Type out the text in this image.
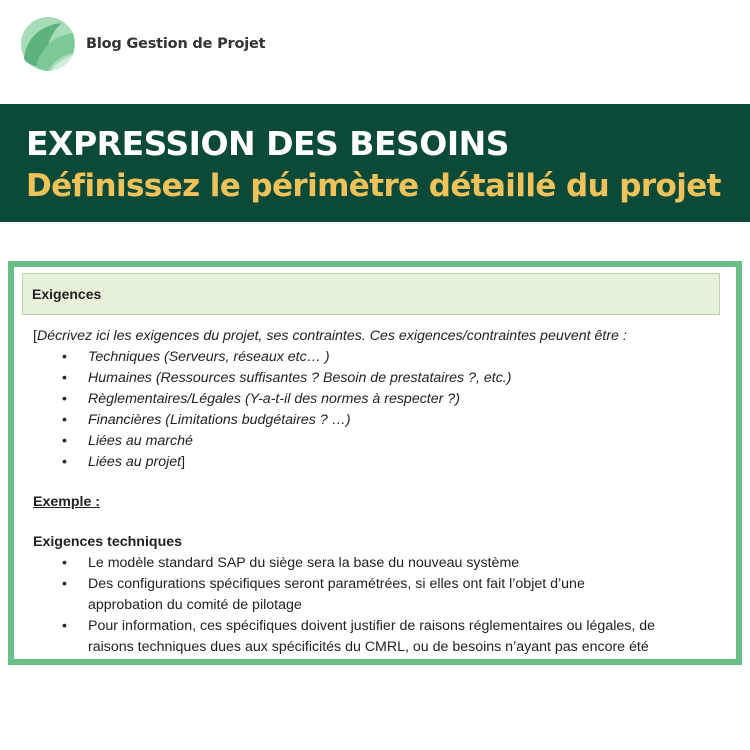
Blog Gestion de Projet
EXPRESSION DES BESOINS
Définissez le périmètre détaillé du projet
Exigences
[Décrivez ici les exigences du projet, ses contraintes. Ces exigences/contraintes peuvent être :
• Techniques (Serveurs, réseaux etc… )
• Humaines (Ressources suffisantes ? Besoin de prestataires ?, etc.)
• Règlementaires/Légales (Y-a-t-il des normes à respecter ?)
• Financières (Limitations budgétaires ? …)
• Liées au marché
• Liées au projet]
Exemple :
Exigences techniques
• Le modèle standard SAP du siège sera la base du nouveau système
• Des configurations spécifiques seront paramétrées, si elles ont fait l’objet d’une
approbation du comité de pilotage
• Pour information, ces spécifiques doivent justifier de raisons réglementaires ou légales, de
raisons techniques dues aux spécificités du CMRL, ou de besoins n’ayant pas encore été
